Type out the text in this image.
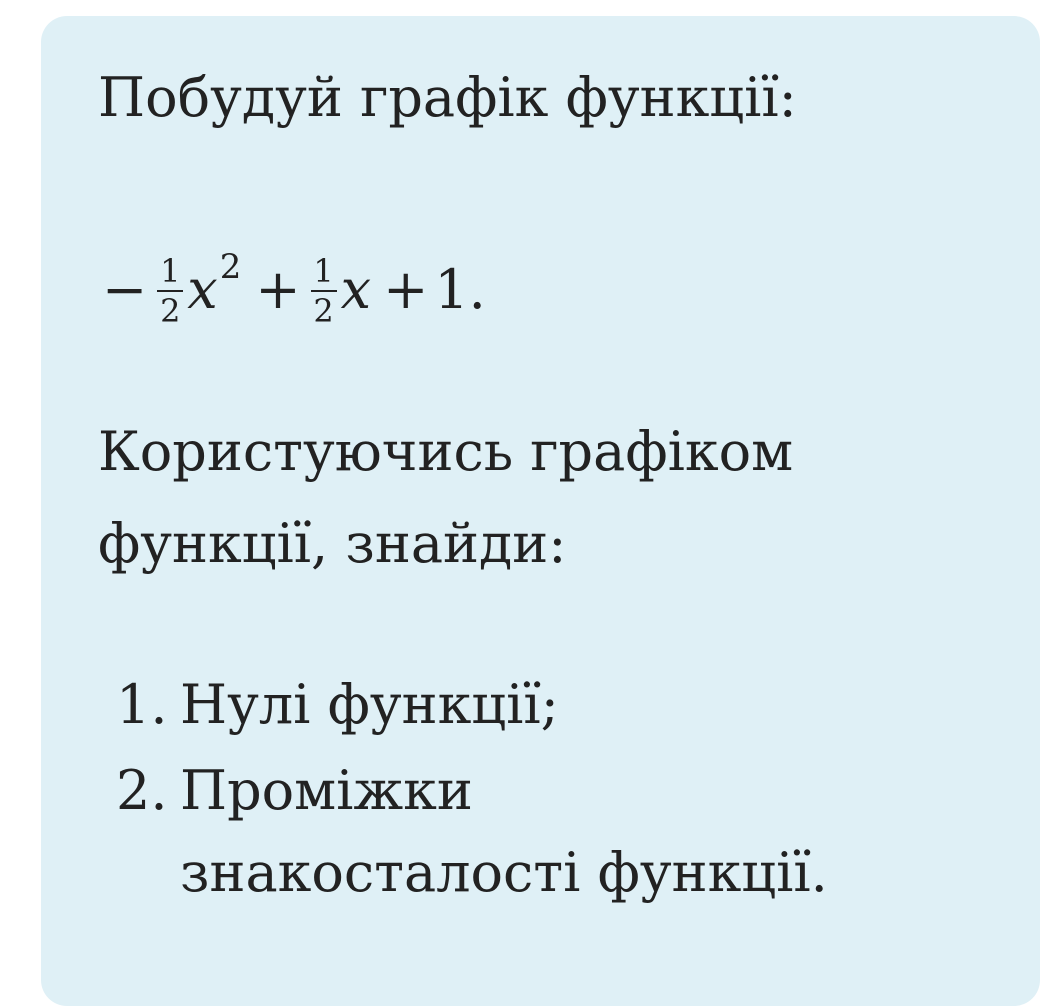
Побудуй графік функції:
− $\frac{1}{2}$ x $2 + \frac{1}{2}$ x + 1.
Користуючись графіком функції, знайди:
1. Нулі функції;
2. Проміжки знакосталості функції.
